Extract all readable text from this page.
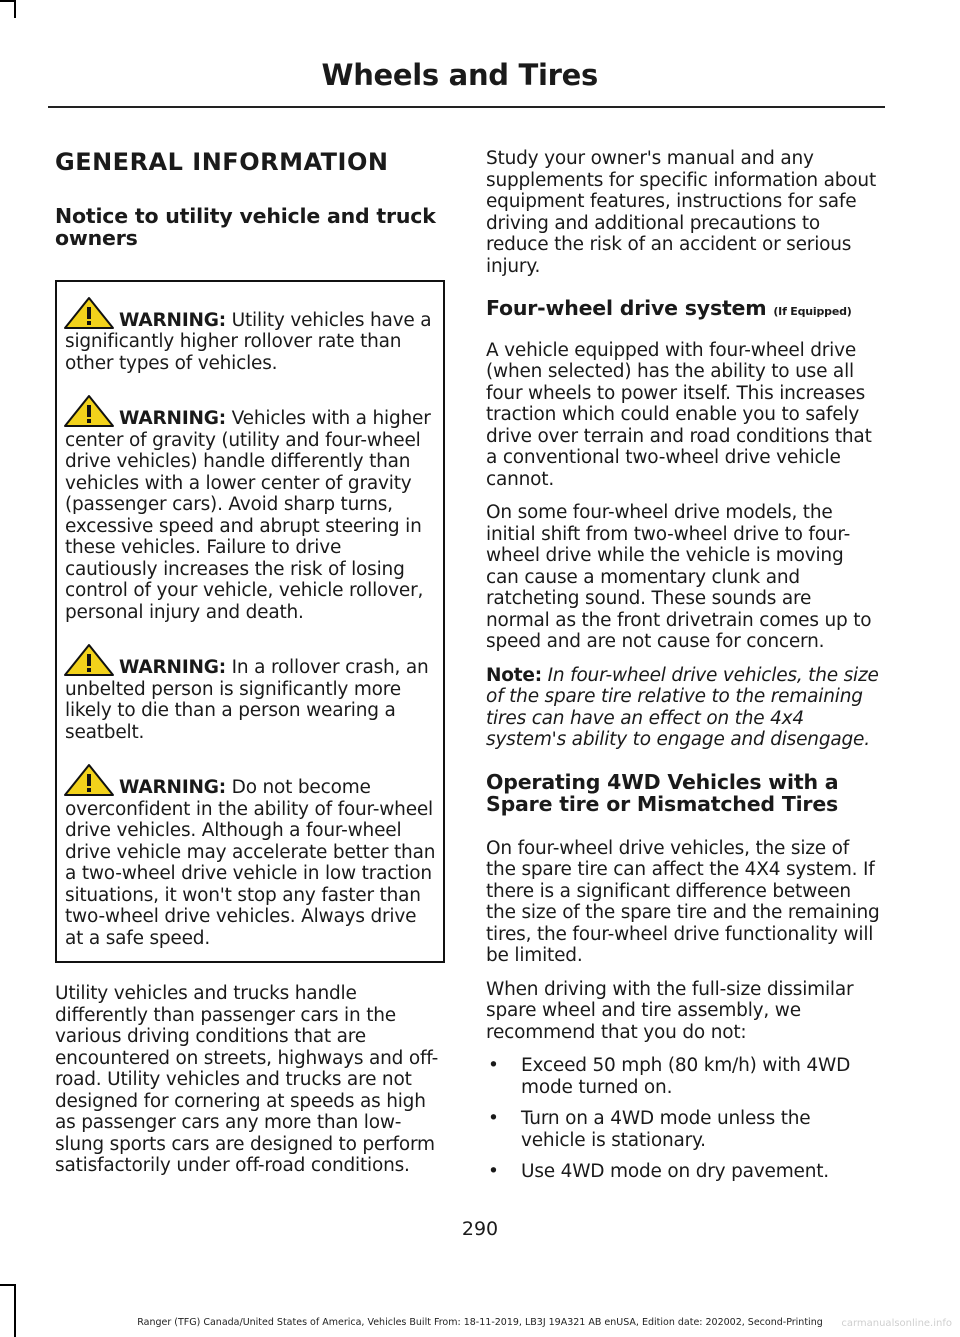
Wheels and Tires
GENERAL INFORMATION
Notice to utility vehicle and truck owners
WARNING: Utility vehicles have a significantly higher rollover rate than other types of vehicles.
WARNING: Vehicles with a higher center of gravity (utility and four-wheel drive vehicles) handle differently than vehicles with a lower center of gravity (passenger cars). Avoid sharp turns, excessive speed and abrupt steering in these vehicles. Failure to drive cautiously increases the risk of losing control of your vehicle, vehicle rollover, personal injury and death.
WARNING: In a rollover crash, an unbelted person is significantly more likely to die than a person wearing a seatbelt.
WARNING: Do not become overconfident in the ability of four-wheel drive vehicles. Although a four-wheel drive vehicle may accelerate better than a two-wheel drive vehicle in low traction situations, it won't stop any faster than two-wheel drive vehicles. Always drive at a safe speed.

Utility vehicles and trucks handle differently than passenger cars in the various driving conditions that are encountered on streets, highways and off-road. Utility vehicles and trucks are not designed for cornering at speeds as high as passenger cars any more than low-slung sports cars are designed to perform satisfactorily under off-road conditions.

Study your owner's manual and any supplements for specific information about equipment features, instructions for safe driving and additional precautions to reduce the risk of an accident or serious injury.

Four-wheel drive system (If Equipped)

A vehicle equipped with four-wheel drive (when selected) has the ability to use all four wheels to power itself. This increases traction which could enable you to safely drive over terrain and road conditions that a conventional two-wheel drive vehicle cannot.

On some four-wheel drive models, the initial shift from two-wheel drive to four-wheel drive while the vehicle is moving can cause a momentary clunk and ratcheting sound. These sounds are normal as the front drivetrain comes up to speed and are not cause for concern.

Note: In four-wheel drive vehicles, the size of the spare tire relative to the remaining tires can have an effect on the 4x4 system's ability to engage and disengage.

Operating 4WD Vehicles with a Spare tire or Mismatched Tires

On four-wheel drive vehicles, the size of the spare tire can affect the 4X4 system. If there is a significant difference between the size of the spare tire and the remaining tires, the four-wheel drive functionality will be limited.

When driving with the full-size dissimilar spare wheel and tire assembly, we recommend that you do not:

• Exceed 50 mph (80 km/h) with 4WD mode turned on.
• Turn on a 4WD mode unless the vehicle is stationary.
• Use 4WD mode on dry pavement.
290
Ranger (TFG) Canada/United States of America, Vehicles Built From: 18-11-2019, LB3J 19A321 AB enUSA, Edition date: 202002, Second-Printing	carmanualsonline.info
